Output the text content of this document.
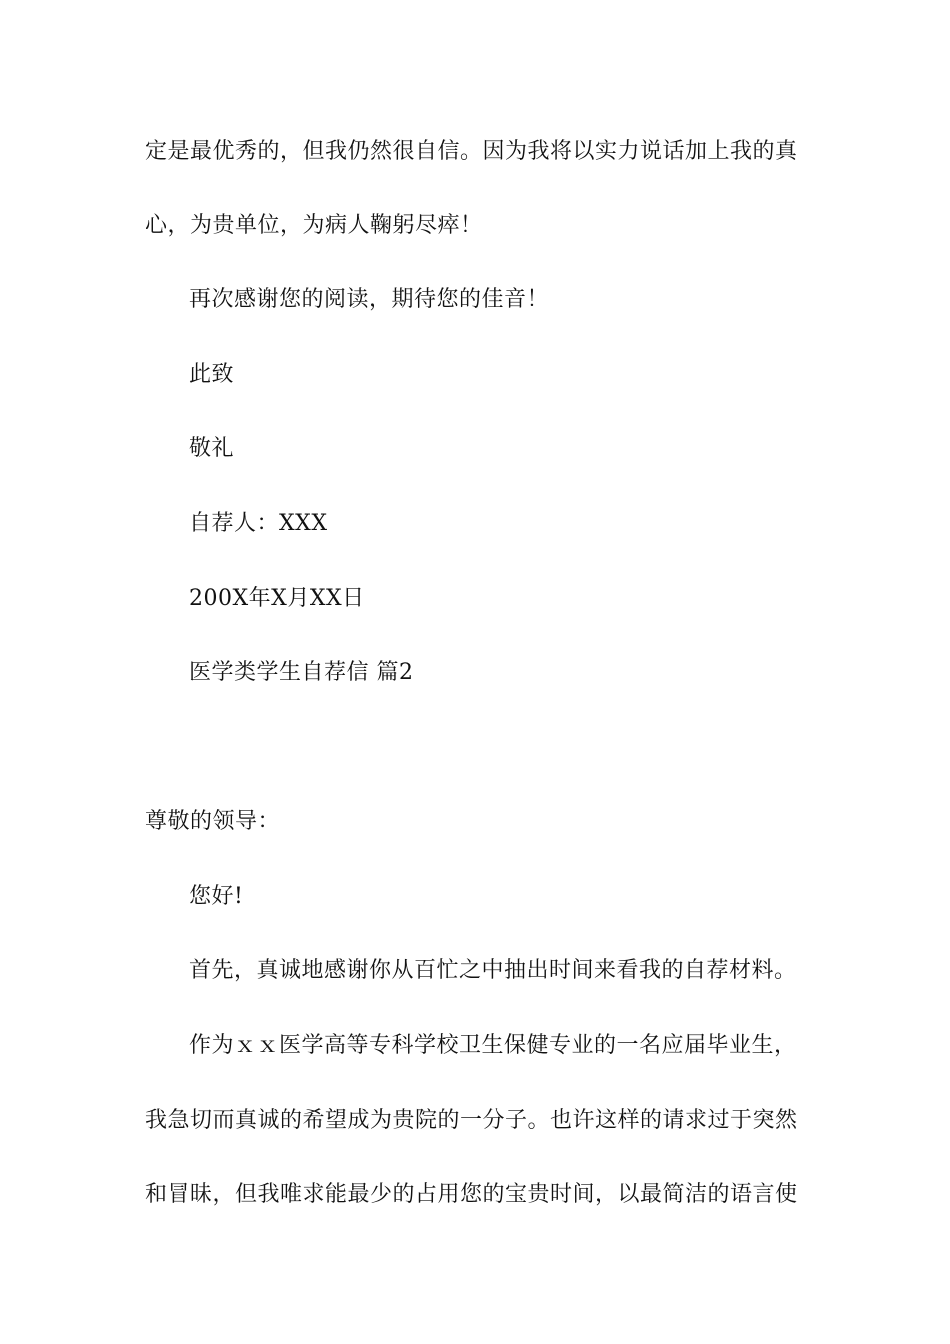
定是最优秀的，但我仍然很自信。因为我将以实力说话加上我的真
心，为贵单位，为病人鞠躬尽瘁！
再次感谢您的阅读，期待您的佳音！
此致
敬礼
自荐人：XXX
200X年X月XX日
医学类学生自荐信 篇2
尊敬的领导：
您好!
首先，真诚地感谢你从百忙之中抽出时间来看我的自荐材料。
作为ｘｘ医学高等专科学校卫生保健专业的一名应届毕业生，
我急切而真诚的希望成为贵院的一分子。也许这样的请求过于突然
和冒昧，但我唯求能最少的占用您的宝贵时间，以最简洁的语言使
